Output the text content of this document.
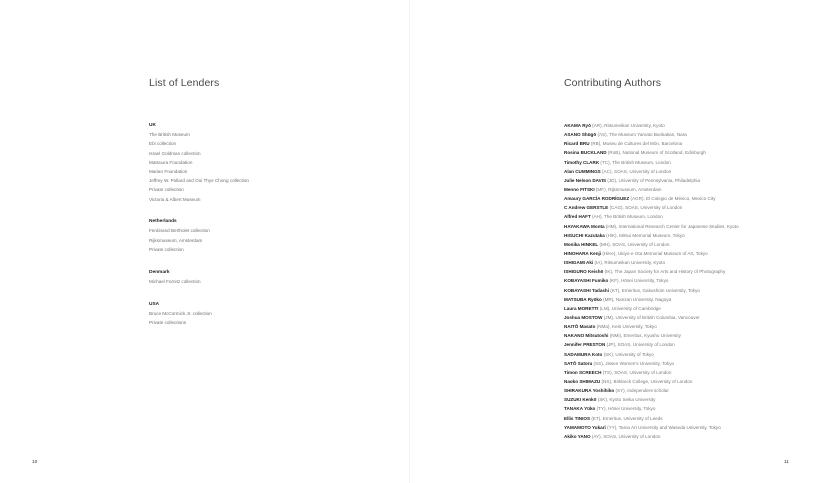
List of Lenders
UK
The British Museum
Ebi collection
Israel Goldman collection
Matsuura Foundation
Marian Foundation
Jeffrey W. Pollard and Ooi Thye Chong collection
Private collection
Victoria & Albert Museum
Netherlands
Ferdinand Bertholet collection
Rijksmuseum, Amsterdam
Private collection
Denmark
Michael Fornitz collection
USA
Bruce McCormick Jr. collection
Private collections
Contributing Authors
AKAMA Ryō (AR), Ritsumeikan University, Kyoto
ASANO Shūgō (AS), The Museum Yamato Bunkakan, Nara
Ricard BRU (RB), Museu de Cultures del Món, Barcelona
Rosina BUCKLAND (RoB), National Museum of Scotland, Edinburgh
Timothy CLARK (TC), The British Museum, London
Alan CUMMINGS (AC), SOAS, University of London
Julie Nelson DAVIS (JD), University of Pennsylvania, Philadelphia
Menno FITSKI (MF), Rijksmuseum, Amsterdam
Amaury GARCÍA RODRÍGUEZ (AGR), El Colegio de México, Mexico City
C Andrew GERSTLE (CAG), SOAS, University of London
Alfred HAFT (AH), The British Museum, London
HAYAKAWA Monta (HM), International Research Center for Japanese Studies, Kyoto
HIGUCHI Kazutaka (HiK), Mitsui Memorial Museum, Tokyo
Monika HINKEL (MH), SOAS, University of London
HINOHARA Kenji (HiKe), Ukiyo-e Ota Memorial Museum of Art, Tokyo
ISHIGAMI Aki (IA), Ritsumeikan University, Kyoto
ISHIGURO Keishō (IK), The Japan Society for Arts and History of Photography
KOBAYASHI Fumiko (KF), Hōsei University, Tokyo
KOBAYASHI Tadashi (KT), Emeritus, Gakushūin University, Tokyo
MATSUBA Ryōko (MR), Nanzan University, Nagoya
Laura MORETTI (LM), University of Cambridge
Joshua MOSTOW (JM), University of British Columbia, Vancouver
NAITŌ Masato (NMa), Keiō University, Tokyo
NAKANO Mitsutoshi (NMi), Emeritus, Kyushu University
Jennifer PRESTON (JP), SOAS, University of London
SADAMURA Koto (SK), University of Tokyo
SATŌ Satoru (SS), Jissen Women's University, Tokyo
Timon SCREECH (TS), SOAS, University of London
Naoko SHIMAZU (NS), Birkbeck College, University of London
SHIRAKURA Yoshihiko (SY), Independent scholar
SUZUKI Kenkō (SK), Kyoto Seika University
TANAKA Yūko (TY), Hōsei University, Tokyo
Ellis TINIOS (ET), Emeritus, University of Leeds
YAMAMOTO Yukari (YY), Tama Art University and Waseda University, Tokyo
Akiko YANO (AY), SOAS, University of London
10	11
